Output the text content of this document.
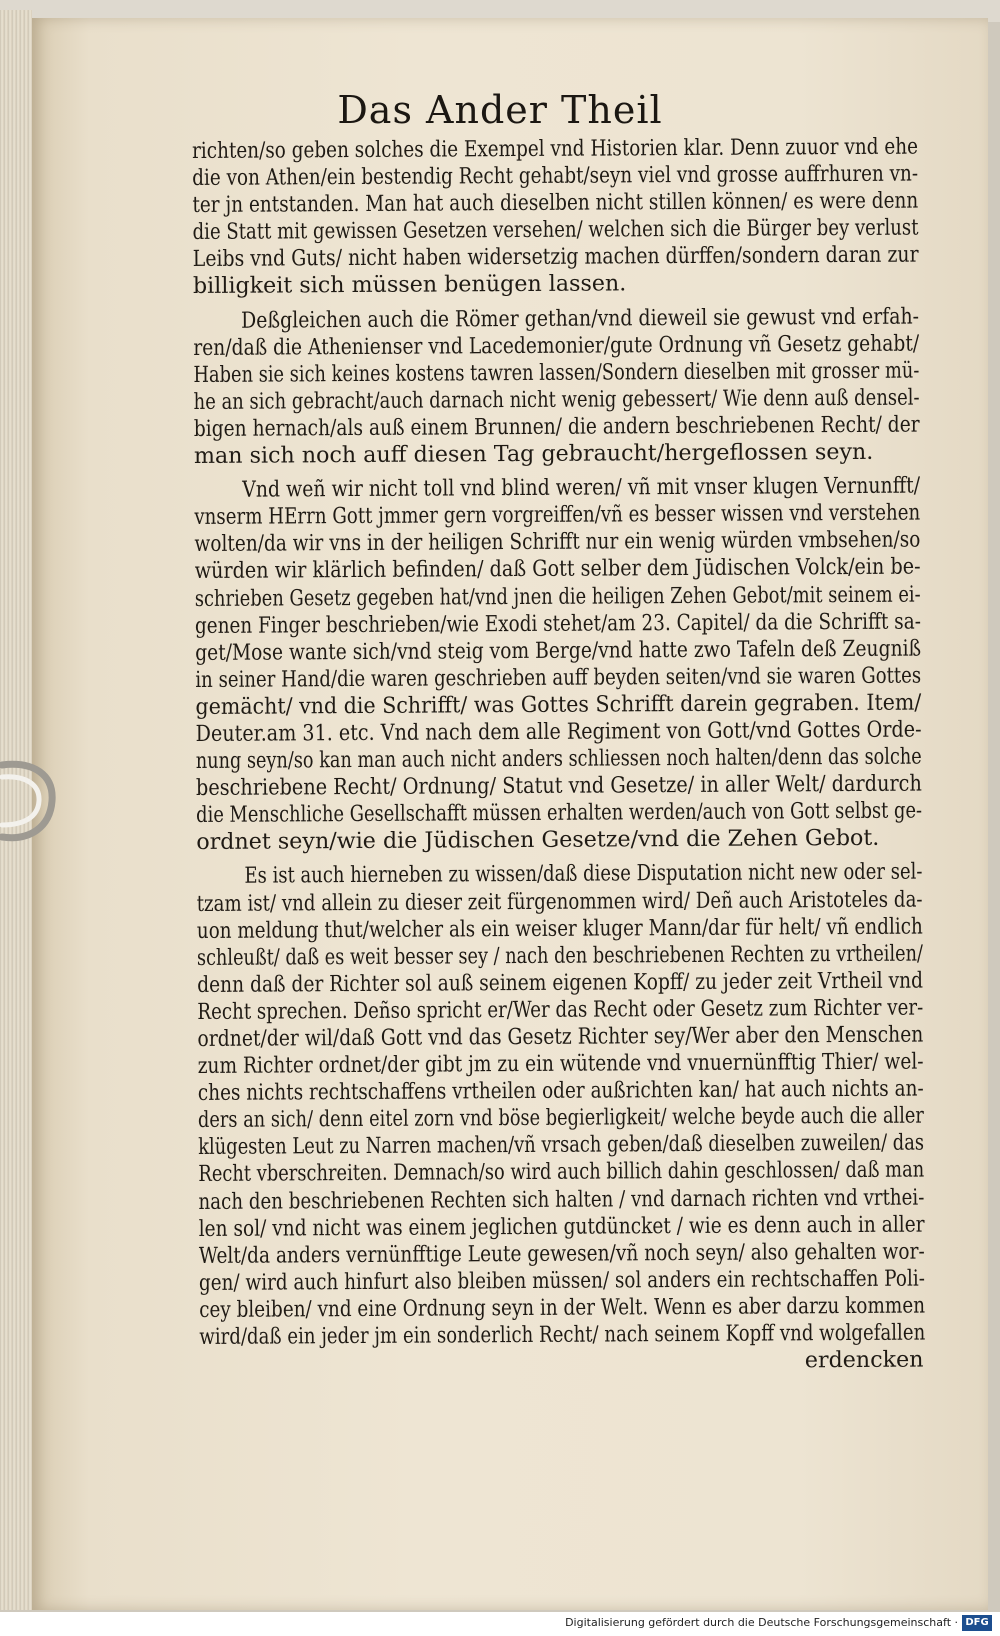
Das Ander Theil
richten/so geben solches die Exempel vnd Historien klar. Denn zuuor vnd ehe
die von Athen/ein bestendig Recht gehabt/seyn viel vnd grosse auffrhuren vn-
ter jn entstanden. Man hat auch dieselben nicht stillen können/ es were denn
die Statt mit gewissen Gesetzen versehen/ welchen sich die Bürger bey verlust
Leibs vnd Guts/ nicht haben widersetzig machen dürffen/sondern daran zur
billigkeit sich müssen benügen lassen.
Deßgleichen auch die Römer gethan/vnd dieweil sie gewust vnd erfah-
ren/daß die Athenienser vnd Lacedemonier/gute Ordnung vñ Gesetz gehabt/
Haben sie sich keines kostens tawren lassen/Sondern dieselben mit grosser mü-
he an sich gebracht/auch darnach nicht wenig gebessert/ Wie denn auß densel-
bigen hernach/als auß einem Brunnen/ die andern beschriebenen Recht/ der
man sich noch auff diesen Tag gebraucht/hergeflossen seyn.
Vnd weñ wir nicht toll vnd blind weren/ vñ mit vnser klugen Vernunfft/
vnserm HErrn Gott jmmer gern vorgreiffen/vñ es besser wissen vnd verstehen
wolten/da wir vns in der heiligen Schrifft nur ein wenig würden vmbsehen/so
würden wir klärlich befinden/ daß Gott selber dem Jüdischen Volck/ein be-
schrieben Gesetz gegeben hat/vnd jnen die heiligen Zehen Gebot/mit seinem ei-
genen Finger beschrieben/wie Exodi stehet/am 23. Capitel/ da die Schrifft sa-
get/Mose wante sich/vnd steig vom Berge/vnd hatte zwo Tafeln deß Zeugniß
in seiner Hand/die waren geschrieben auff beyden seiten/vnd sie waren Gottes
gemächt/ vnd die Schrifft/ was Gottes Schrifft darein gegraben. Item/
Deuter.am 31. etc. Vnd nach dem alle Regiment von Gott/vnd Gottes Orde-
nung seyn/so kan man auch nicht anders schliessen noch halten/denn das solche
beschriebene Recht/ Ordnung/ Statut vnd Gesetze/ in aller Welt/ dardurch
die Menschliche Gesellschafft müssen erhalten werden/auch von Gott selbst ge-
ordnet seyn/wie die Jüdischen Gesetze/vnd die Zehen Gebot.
Es ist auch hierneben zu wissen/daß diese Disputation nicht new oder sel-
tzam ist/ vnd allein zu dieser zeit fürgenommen wird/ Deñ auch Aristoteles da-
uon meldung thut/welcher als ein weiser kluger Mann/dar für helt/ vñ endlich
schleußt/ daß es weit besser sey / nach den beschriebenen Rechten zu vrtheilen/
denn daß der Richter sol auß seinem eigenen Kopff/ zu jeder zeit Vrtheil vnd
Recht sprechen. Deñso spricht er/Wer das Recht oder Gesetz zum Richter ver-
ordnet/der wil/daß Gott vnd das Gesetz Richter sey/Wer aber den Menschen
zum Richter ordnet/der gibt jm zu ein wütende vnd vnuernünfftig Thier/ wel-
ches nichts rechtschaffens vrtheilen oder außrichten kan/ hat auch nichts an-
ders an sich/ denn eitel zorn vnd böse begierligkeit/ welche beyde auch die aller
klügesten Leut zu Narren machen/vñ vrsach geben/daß dieselben zuweilen/ das
Recht vberschreiten. Demnach/so wird auch billich dahin geschlossen/ daß man
nach den beschriebenen Rechten sich halten / vnd darnach richten vnd vrthei-
len sol/ vnd nicht was einem jeglichen gutdüncket / wie es denn auch in aller
Welt/da anders vernünfftige Leute gewesen/vñ noch seyn/ also gehalten wor-
gen/ wird auch hinfurt also bleiben müssen/ sol anders ein rechtschaffen Poli-
cey bleiben/ vnd eine Ordnung seyn in der Welt. Wenn es aber darzu kommen
wird/daß ein jeder jm ein sonderlich Recht/ nach seinem Kopff vnd wolgefallen
erdencken
Digitalisierung gefördert durch die Deutsche Forschungsgemeinschaft · DFG
